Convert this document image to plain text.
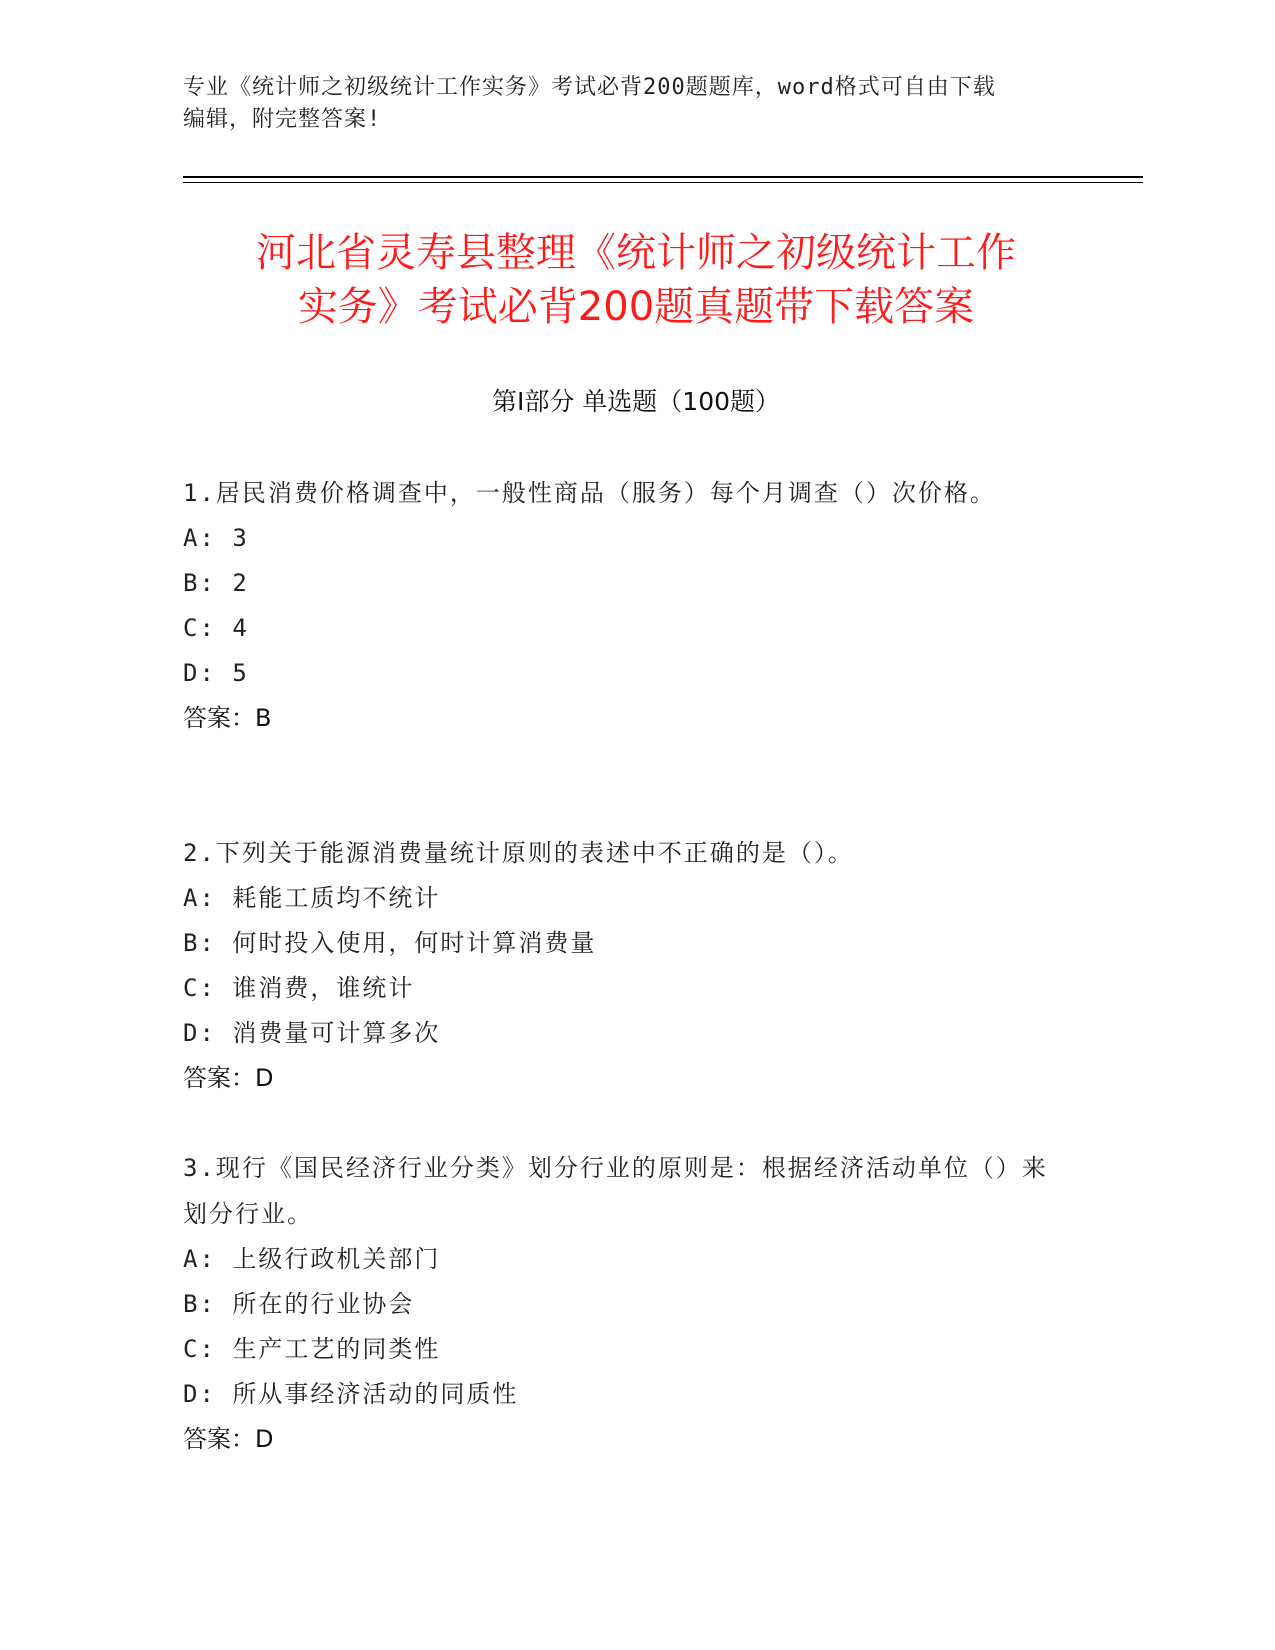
专业《统计师之初级统计工作实务》考试必背200题题库，word格式可自由下载
编辑，附完整答案!
河北省灵寿县整理《统计师之初级统计工作
实务》考试必背200题真题带下载答案
第Ⅰ部分 单选题（100题）

1.居民消费价格调查中，一般性商品（服务）每个月调查（）次价格。

A: 3

B: 2

C: 4

D: 5

答案：B

2.下列关于能源消费量统计原则的表述中不正确的是（）。

A: 耗能工质均不统计

B: 何时投入使用，何时计算消费量

C: 谁消费，谁统计

D: 消费量可计算多次

答案：D

3.现行《国民经济行业分类》划分行业的原则是：根据经济活动单位（）来划分行业。

A: 上级行政机关部门

B: 所在的行业协会

C: 生产工艺的同类性

D: 所从事经济活动的同质性

答案：D
